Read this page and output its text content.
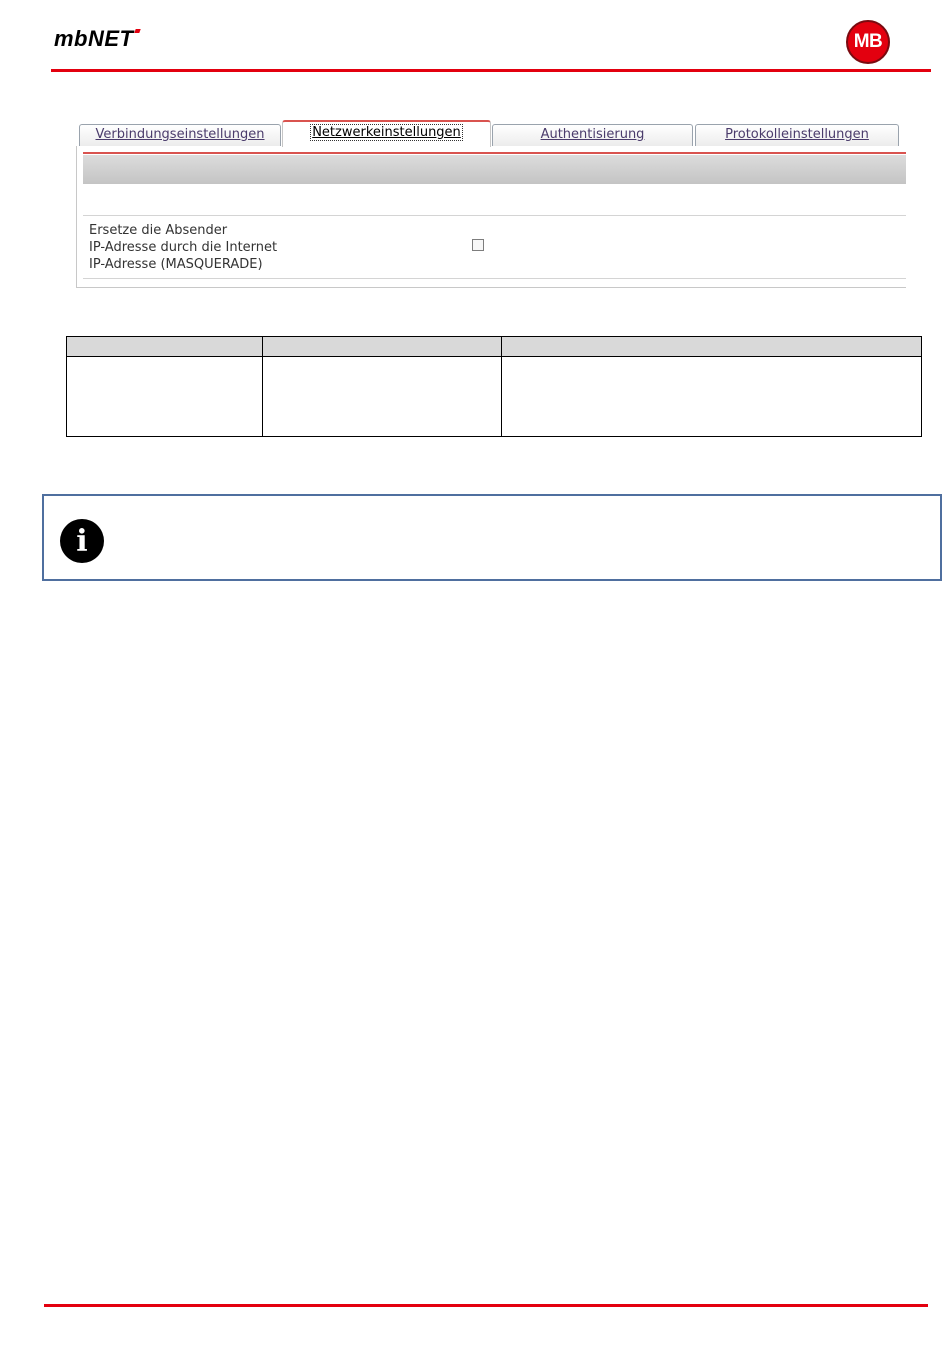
mbNET	MB
Verbindungseinstellungen	Netzwerkeinstellungen	Authentisierung	Protokolleinstellungen
Ersetze die Absender
IP-Adresse durch die Internet
IP-Adresse (MASQUERADE)

i
